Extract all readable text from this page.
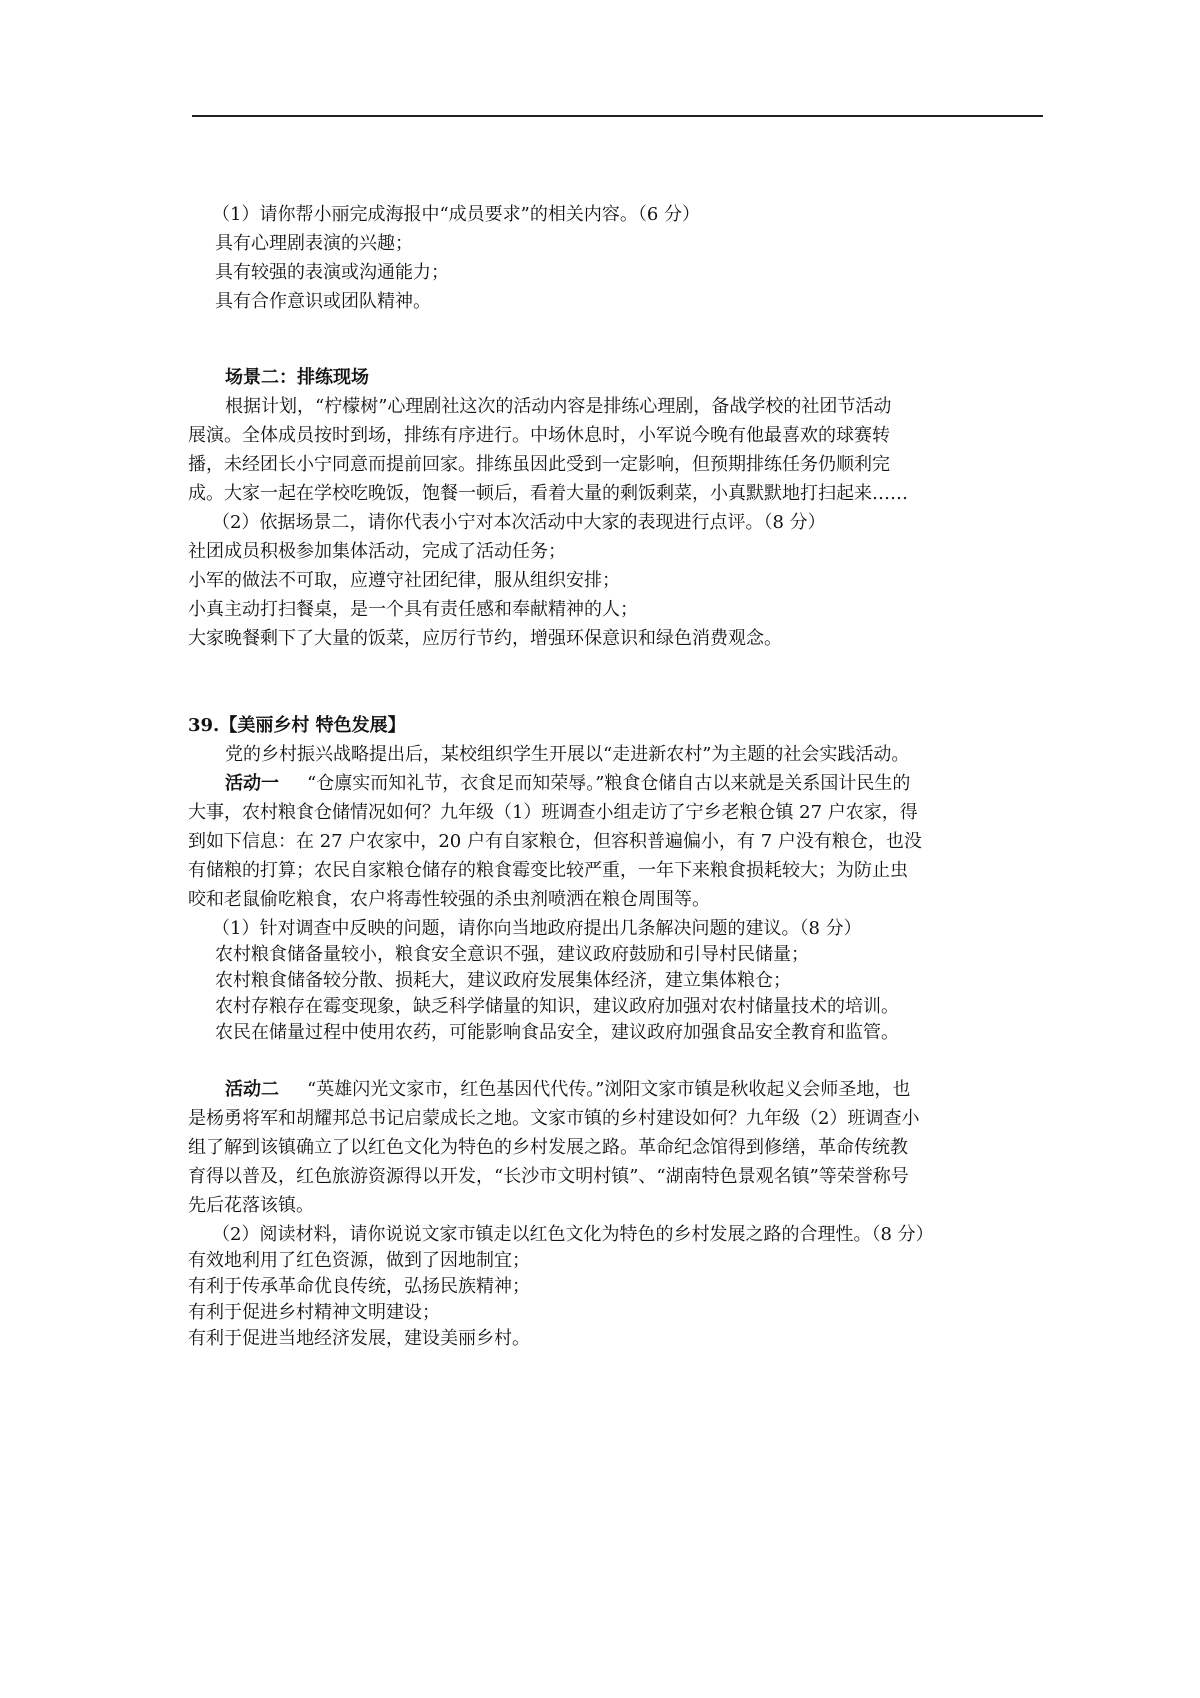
（1）请你帮小丽完成海报中“成员要求”的相关内容。（6 分）
具有心理剧表演的兴趣；
具有较强的表演或沟通能力；
具有合作意识或团队精神。
场景二：排练现场
根据计划，“柠檬树”心理剧社这次的活动内容是排练心理剧，备战学校的社团节活动
展演。全体成员按时到场，排练有序进行。中场休息时，小军说今晚有他最喜欢的球赛转
播，未经团长小宁同意而提前回家。排练虽因此受到一定影响，但预期排练任务仍顺利完
成。大家一起在学校吃晚饭，饱餐一顿后，看着大量的剩饭剩菜，小真默默地打扫起来……
（2）依据场景二，请你代表小宁对本次活动中大家的表现进行点评。（8 分）
社团成员积极参加集体活动，完成了活动任务；
小军的做法不可取，应遵守社团纪律，服从组织安排；
小真主动打扫餐桌，是一个具有责任感和奉献精神的人；
大家晚餐剩下了大量的饭菜，应厉行节约，增强环保意识和绿色消费观念。
39.【美丽乡村 特色发展】
党的乡村振兴战略提出后，某校组织学生开展以“走进新农村”为主题的社会实践活动。
活动一 “仓廪实而知礼节，衣食足而知荣辱。”粮食仓储自古以来就是关系国计民生的
大事，农村粮食仓储情况如何？九年级（1）班调查小组走访了宁乡老粮仓镇 27 户农家，得
到如下信息：在 27 户农家中，20 户有自家粮仓，但容积普遍偏小，有 7 户没有粮仓，也没
有储粮的打算；农民自家粮仓储存的粮食霉变比较严重，一年下来粮食损耗较大；为防止虫
咬和老鼠偷吃粮食，农户将毒性较强的杀虫剂喷洒在粮仓周围等。
（1）针对调查中反映的问题，请你向当地政府提出几条解决问题的建议。（8 分）
农村粮食储备量较小，粮食安全意识不强，建议政府鼓励和引导村民储量；
农村粮食储备较分散、损耗大，建议政府发展集体经济，建立集体粮仓；
农村存粮存在霉变现象，缺乏科学储量的知识，建议政府加强对农村储量技术的培训。
农民在储量过程中使用农药，可能影响食品安全，建议政府加强食品安全教育和监管。
活动二 “英雄闪光文家市，红色基因代代传。”浏阳文家市镇是秋收起义会师圣地，也
是杨勇将军和胡耀邦总书记启蒙成长之地。文家市镇的乡村建设如何？九年级（2）班调查小
组了解到该镇确立了以红色文化为特色的乡村发展之路。革命纪念馆得到修缮，革命传统教
育得以普及，红色旅游资源得以开发，“长沙市文明村镇”、“湖南特色景观名镇”等荣誉称号
先后花落该镇。
（2）阅读材料，请你说说文家市镇走以红色文化为特色的乡村发展之路的合理性。（8 分）
有效地利用了红色资源，做到了因地制宜；
有利于传承革命优良传统，弘扬民族精神；
有利于促进乡村精神文明建设；
有利于促进当地经济发展，建设美丽乡村。
